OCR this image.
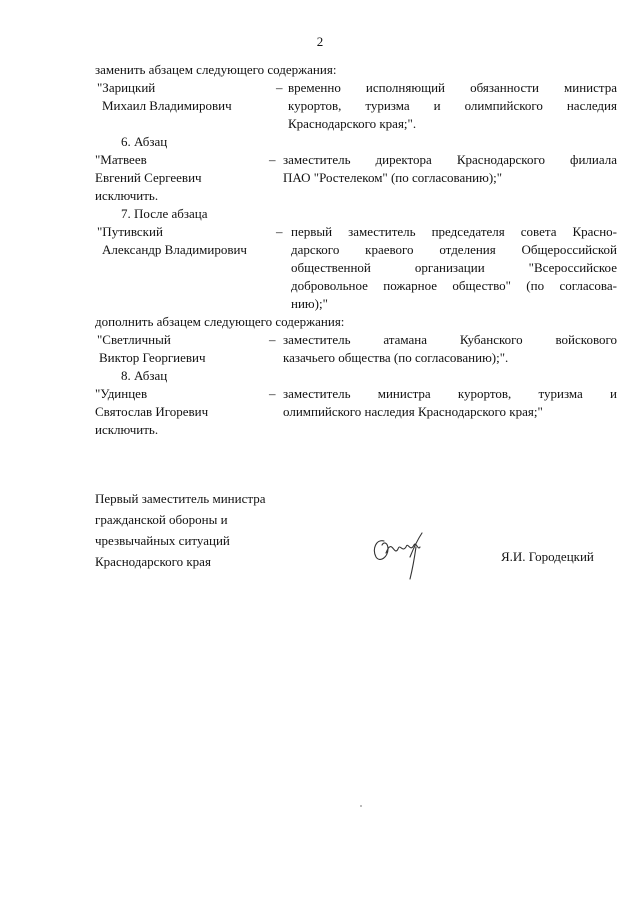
2
заменить абзацем следующего содержания:
"Зарицкий
Михаил Владимирович
– временно исполняющий обязанности министра
курортов, туризма и олимпийского наследия
Краснодарского края;".
6. Абзац
"Матвеев
Евгений Сергеевич
– заместитель директора Краснодарского филиала
ПАО "Ростелеком" (по согласованию);"
исключить.
7. После абзаца
"Путивский
Александр Владимирович
– первый заместитель председателя совета Красно-
дарского краевого отделения Общероссийской
общественной организации "Всероссийское
добровольное пожарное общество" (по согласова-
нию);"
дополнить абзацем следующего содержания:
"Светличный
Виктор Георгиевич
– заместитель атамана Кубанского войскового
казачьего общества (по согласованию);".
8. Абзац
"Удинцев
Святослав Игоревич
– заместитель министра курортов, туризма и
олимпийского наследия Краснодарского края;"
исключить.
Первый заместитель министра
гражданской обороны и
чрезвычайных ситуаций
Краснодарского края	Я.И. Городецкий
